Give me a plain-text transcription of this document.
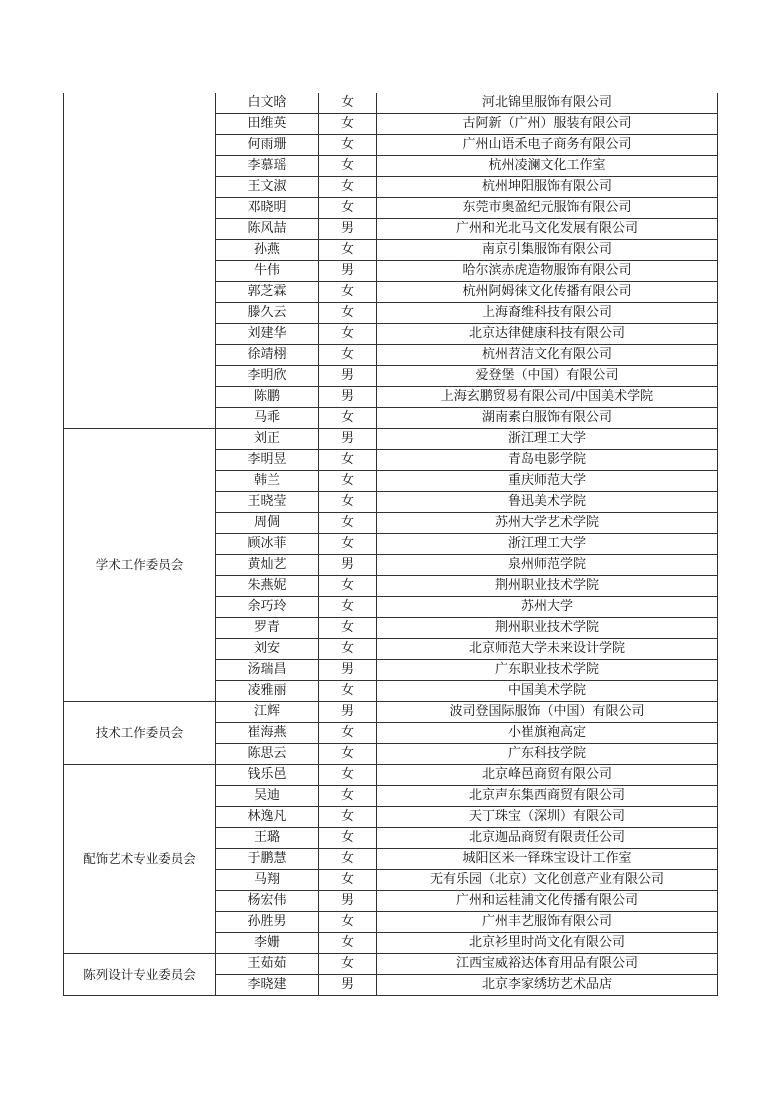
	白文晗	女	河北锦里服饰有限公司
	田维英	女	古阿新（广州）服装有限公司
	何雨珊	女	广州山语禾电子商务有限公司
	李慕瑶	女	杭州凌澜文化工作室
	王文淑	女	杭州坤阳服饰有限公司
	邓晓明	女	东莞市奥盈纪元服饰有限公司
	陈风喆	男	广州和光北马文化发展有限公司
	孙燕	女	南京引集服饰有限公司
	牛伟	男	哈尔滨赤虎造物服饰有限公司
	郭芝霖	女	杭州阿姆徕文化传播有限公司
	滕久云	女	上海裔维科技有限公司
	刘建华	女	北京达律健康科技有限公司
	徐靖栩	女	杭州苕洁文化有限公司
	李明欣	男	爱登堡（中国）有限公司
	陈鹏	男	上海玄鹏贸易有限公司/中国美术学院
	马乖	女	湖南素白服饰有限公司
学术工作委员会	刘正	男	浙江理工大学
	李明昱	女	青岛电影学院
	韩兰	女	重庆师范大学
	王晓莹	女	鲁迅美术学院
	周倜	女	苏州大学艺术学院
	顾冰菲	女	浙江理工大学
	黄灿艺	男	泉州师范学院
	朱燕妮	女	荆州职业技术学院
	余巧玲	女	苏州大学
	罗青	女	荆州职业技术学院
	刘安	女	北京师范大学未来设计学院
	汤瑞昌	男	广东职业技术学院
	凌雅丽	女	中国美术学院
技术工作委员会	江辉	男	波司登国际服饰（中国）有限公司
	崔海燕	女	小崔旗袍高定
	陈思云	女	广东科技学院
配饰艺术专业委员会	钱乐邑	女	北京峰邑商贸有限公司
	吴迪	女	北京声东集西商贸有限公司
	林逸凡	女	天丁珠宝（深圳）有限公司
	王璐	女	北京迦品商贸有限责任公司
	于鹏慧	女	城阳区米一铎珠宝设计工作室
	马翔	女	无有乐园（北京）文化创意产业有限公司
	杨宏伟	男	广州和运桂浦文化传播有限公司
	孙胜男	女	广州丰艺服饰有限公司
	李姗	女	北京衫里时尚文化有限公司
陈列设计专业委员会	王茹茹	女	江西宝威裕达体育用品有限公司
	李晓建	男	北京李家绣坊艺术品店
